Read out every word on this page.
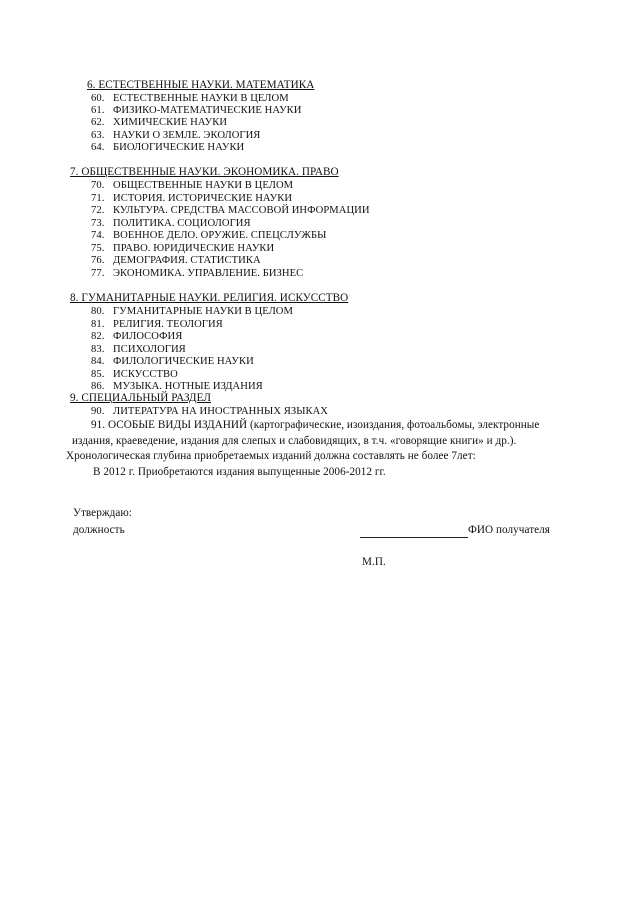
6. ЕСТЕСТВЕННЫЕ НАУКИ. МАТЕМАТИКА
60. ЕСТЕСТВЕННЫЕ НАУКИ В ЦЕЛОМ
61. ФИЗИКО-МАТЕМАТИЧЕСКИЕ НАУКИ
62. ХИМИЧЕСКИЕ НАУКИ
63. НАУКИ О ЗЕМЛЕ. ЭКОЛОГИЯ
64. БИОЛОГИЧЕСКИЕ НАУКИ
7. ОБЩЕСТВЕННЫЕ НАУКИ. ЭКОНОМИКА. ПРАВО
70. ОБЩЕСТВЕННЫЕ НАУКИ В ЦЕЛОМ
71. ИСТОРИЯ. ИСТОРИЧЕСКИЕ НАУКИ
72. КУЛЬТУРА. СРЕДСТВА МАССОВОЙ ИНФОРМАЦИИ
73. ПОЛИТИКА. СОЦИОЛОГИЯ
74. ВОЕННОЕ ДЕЛО. ОРУЖИЕ. СПЕЦСЛУЖБЫ
75. ПРАВО. ЮРИДИЧЕСКИЕ НАУКИ
76. ДЕМОГРАФИЯ. СТАТИСТИКА
77. ЭКОНОМИКА. УПРАВЛЕНИЕ. БИЗНЕС
8. ГУМАНИТАРНЫЕ НАУКИ. РЕЛИГИЯ. ИСКУССТВО
80. ГУМАНИТАРНЫЕ НАУКИ В ЦЕЛОМ
81. РЕЛИГИЯ. ТЕОЛОГИЯ
82. ФИЛОСОФИЯ
83. ПСИХОЛОГИЯ
84. ФИЛОЛОГИЧЕСКИЕ НАУКИ
85. ИСКУССТВО
86. МУЗЫКА. НОТНЫЕ ИЗДАНИЯ
9. СПЕЦИАЛЬНЫЙ РАЗДЕЛ
90. ЛИТЕРАТУРА НА ИНОСТРАННЫХ ЯЗЫКАХ
91. ОСОБЫЕ ВИДЫ ИЗДАНИЙ (картографические, изоиздания, фотоальбомы, электронные
издания, краеведение, издания для слепых и слабовидящих, в т.ч. «говорящие книги» и др.).
Хронологическая глубина приобретаемых изданий должна составлять не более 7лет:
В 2012 г. Приобретаются издания выпущенные 2006-2012 гг.
Утверждаю:
должность	ФИО получателя
М.П.
